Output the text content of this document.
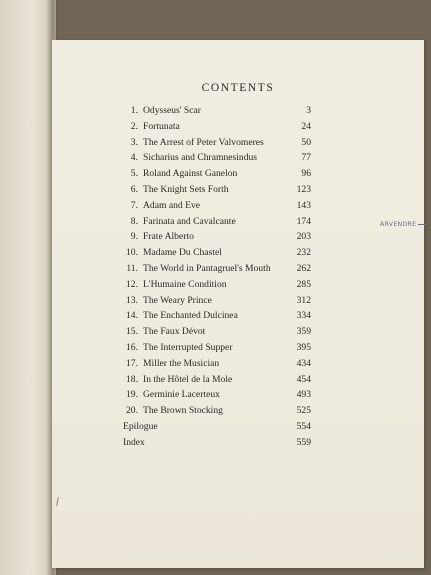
CONTENTS
1. Odysseus' Scar	3
2. Fortunata	24
3. The Arrest of Peter Valvomeres	50
4. Sicharius and Chramnesindus	77
5. Roland Against Ganelon	96
6. The Knight Sets Forth	123
7. Adam and Eve	143
8. Farinata and Cavalcante	174
9. Frate Alberto	203
10. Madame Du Chastel	232
11. The World in Pantagruel's Mouth	262
12. L'Humaine Condition	285
13. The Weary Prince	312
14. The Enchanted Dulcinea	334
15. The Faux Dévot	359
16. The Interrupted Supper	395
17. Miller the Musician	434
18. In the Hôtel de la Mole	454
19. Germinie Lacerteux	493
20. The Brown Stocking	525
Epilogue	554
Index	559
ARVENDRE
